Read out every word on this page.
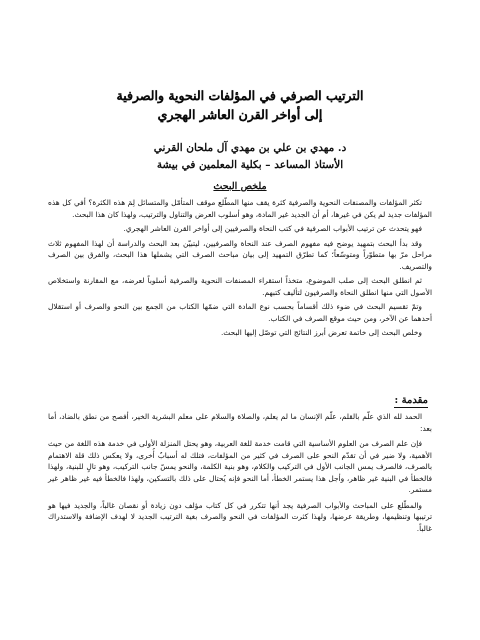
الترتيب الصرفي في المؤلفات النحوية والصرفية
إلى أواخر القرن العاشر الهجري
د. مهدي بن علي بن مهدي آل ملحان القرني
الأستاذ المساعد – بكلية المعلمين في بيشة
ملخص البحث

تكثر المؤلفات والمصنفات النحوية والصرفية كثرة يقف منها المطّلع موقف المتأمّل والمتسائل لِمَ هذه الكثرة؟ أفي كل هذه المؤلفات جديد لم يكن في غيرها، أم أن الجديد غير المادة، وهو أسلوب العرض والتناول والترتيب، ولهذا كان هذا البحث.

فهو يتحدث عن ترتيب الأبواب الصرفية في كتب النحاة والصرفيين إلى أواخر القرن العاشر الهجري.

وقد بدأ البحث بتمهيد يوضح فيه مفهوم الصرف عند النحاة والصرفيين، ليتبيّن بعد البحث والدراسة أن لهذا المفهوم ثلاث مراحل مرّ بها متطوّراً ومتوسّعاً؛ كما تطرّق التمهيد إلى بيان مباحث الصرف التي يشملها هذا البحث، والفرق بين الصرف والتصريف.

ثم انطلق البحث إلى صلب الموضوع، متخذاً استقراء المصنفات النحوية والصرفية أسلوباً لعرضه، مع المقارنة واستخلاص الأصول التي منها انطلق النحاة والصرفيون لتأليف كتبهم.

وتمّ تقسيم البحث في ضوء ذلك أقساماً بحسب نوع المادة التي ضمّها الكتاب من الجمع بين النحو والصرف أو استقلال أحدهما عن الآخر، ومن حيث موقع الصرف في الكتاب.

وخلص البحث إلى خاتمة تعرض أبرز النتائج التي توصّل إليها البحث.

مقدمة :

الحمد لله الذي علّم بالقلم، علّم الإنسان ما لم يعلم، والصلاة والسلام على معلم البشرية الخير، أفصح من نطق بالضاد، أما بعد:

فإن علم الصرف من العلوم الأساسية التي قامت خدمة للغة العربية، وهو يحتل المنزلة الأولى في خدمة هذه اللغة من حيث الأهمية، ولا ضير في أن تقدّم النحو على الصرف في كثير من المؤلفات، فتلك له أسبابٌ أُخرى، ولا يعكس ذلك قلة الاهتمام بالصرف، فالصرف يمس الجانب الأول في التركيب والكلام، وهو بنية الكلمة، والنحو يمسّ جانب التركيب، وهو تالٍ للبنية، ولهذا فالخطأ في البنية غير ظاهر، وأجل هذا يستمر الخطأ، أما النحو فإنه يُحتال على ذلك بالتسكين، ولهذا فالخطأ فيه غير ظاهر غير مستمر.

والمطّلع على المباحث والأبواب الصرفية يجد أنها تتكرر في كل كتاب مؤلف دون زيادة أو نقصان غالباً، والجديد فيها هو ترتيبها وتنظيمها، وطريقة عرضها، ولهذا كثرت المؤلفات في النحو والصرف بغية الترتيب الجديد لا لهدف الإضافة والاستدراك غالباً.
